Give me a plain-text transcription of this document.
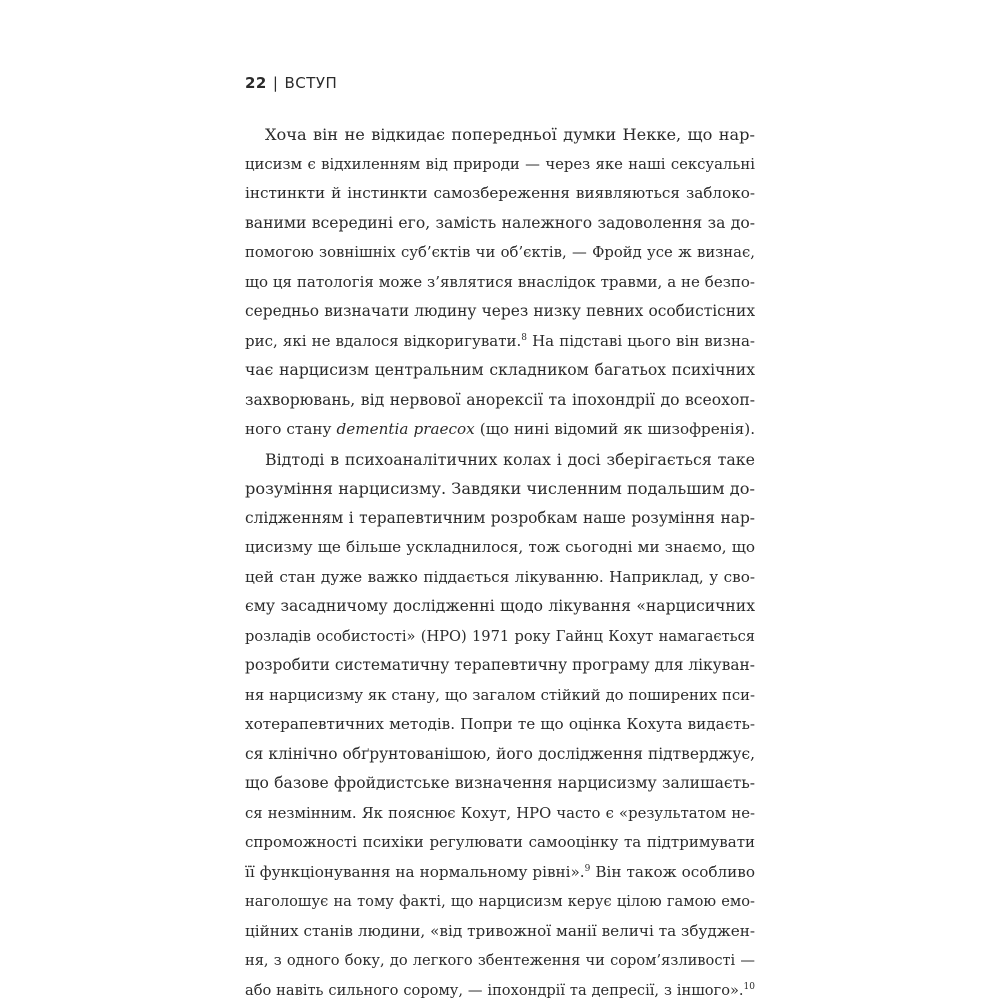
22 | ВСТУП
Хоча він не відкидає попередньої думки Некке, що нар-
цисизм є відхиленням від природи — через яке наші сексуальні
інстинкти й інстинкти самозбереження виявляються заблоко-
ваними всередині его, замість належного задоволення за до-
помогою зовнішніх суб’єктів чи об’єктів, — Фройд усе ж визнає,
що ця патологія може з’являтися внаслідок травми, а не безпо-
середньо визначати людину через низку певних особистісних
рис, які не вдалося відкоригувати.$^8$ На підставі цього він визна-
чає нарцисизм центральним складником багатьох психічних
захворювань, від нервової анорексії та іпохондрії до всеохоп-
ного стану dementia praecox (що нині відомий як шизофренія).
Відтоді в психоаналітичних колах і досі зберігається таке
розуміння нарцисизму. Завдяки численним подальшим до-
слідженням і терапевтичним розробкам наше розуміння нар-
цисизму ще більше ускладнилося, тож сьогодні ми знаємо, що
цей стан дуже важко піддається лікуванню. Наприклад, у сво-
єму засадничому дослідженні щодо лікування «нарцисичних
розладів особистості» (НРО) 1971 року Гайнц Кохут намагається
розробити систематичну терапевтичну програму для лікуван-
ня нарцисизму як стану, що загалом стійкий до поширених пси-
хотерапевтичних методів. Попри те що оцінка Кохута видаєть-
ся клінічно обґрунтованішою, його дослідження підтверджує,
що базове фройдистське визначення нарцисизму залишаєть-
ся незмінним. Як пояснює Кохут, НРО часто є «результатом не-
спроможності психіки регулювати самооцінку та підтримувати
її функціонування на нормальному рівні».$^9$ Він також особливо
наголошує на тому факті, що нарцисизм керує цілою гамою емо-
ційних станів людини, «від тривожної манії величі та збуджен-
ня, з одного боку, до легкого збентеження чи сором’язливості —
або навіть сильного сорому, — іпохондрії та депресії, з іншого».$^{10}$
